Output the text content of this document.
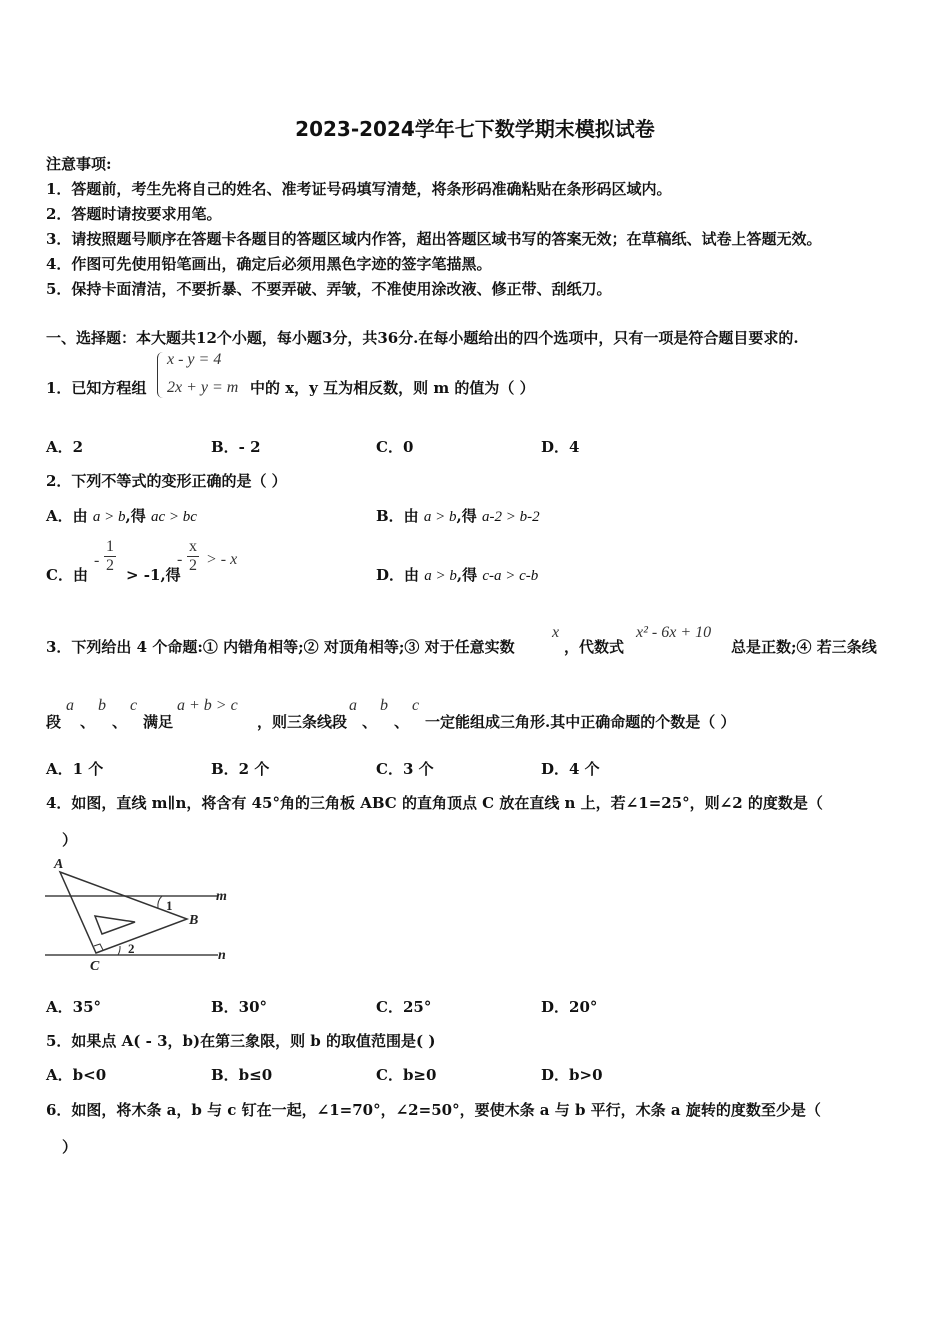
2023-2024学年七下数学期末模拟试卷
注意事项:
1．答题前，考生先将自己的姓名、准考证号码填写清楚，将条形码准确粘贴在条形码区域内。
2．答题时请按要求用笔。
3．请按照题号顺序在答题卡各题目的答题区域内作答，超出答题区域书写的答案无效；在草稿纸、试卷上答题无效。
4．作图可先使用铅笔画出，确定后必须用黑色字迹的签字笔描黑。
5．保持卡面清洁，不要折暴、不要弄破、弄皱，不准使用涂改液、修正带、刮纸刀。
一、选择题：本大题共12个小题，每小题3分，共36分.在每小题给出的四个选项中，只有一项是符合题目要求的.
1．已知方程组
x - y = 4
2x + y = m 中的 x，y 互为相反数，则 m 的值为（ ）
A．2	B．- 2	C．0	D．4
2．下列不等式的变形正确的是（ ）
A．由 a > b,得 ac > bc	B．由 a > b,得 a-2 > b-2
C．由
- $\frac{1}{2} > -1$,得
- $\frac{x}{2}$ > - x
D．由 a > b,得 c-a > c-b
3．下列给出 4 个命题:① 内错角相等;② 对顶角相等;③ 对于任意实数
x
，代数式
x² - 6x + 10
总是正数;④ 若三条线
段
a
、
b
、
c
满足
a + b > c
，则三条线段
a
、
b
、
c
一定能组成三角形.其中正确命题的个数是（ ）
A．1 个	B．2 个	C．3 个	D．4 个
4．如图，直线 m∥n，将含有 45°角的三角板 ABC 的直角顶点 C 放在直线 n 上，若∠1=25°，则∠2 的度数是（
）
A
B
C
m
n
1
2
A．35°	B．30°	C．25°	D．20°
5．如果点 A( - 3，b)在第三象限，则 b 的取值范围是( )
A．b<0	B．b≤0	C．b≥0	D．b>0
6．如图，将木条 a，b 与 c 钉在一起，∠1=70°，∠2=50°，要使木条 a 与 b 平行，木条 a 旋转的度数至少是（
）
